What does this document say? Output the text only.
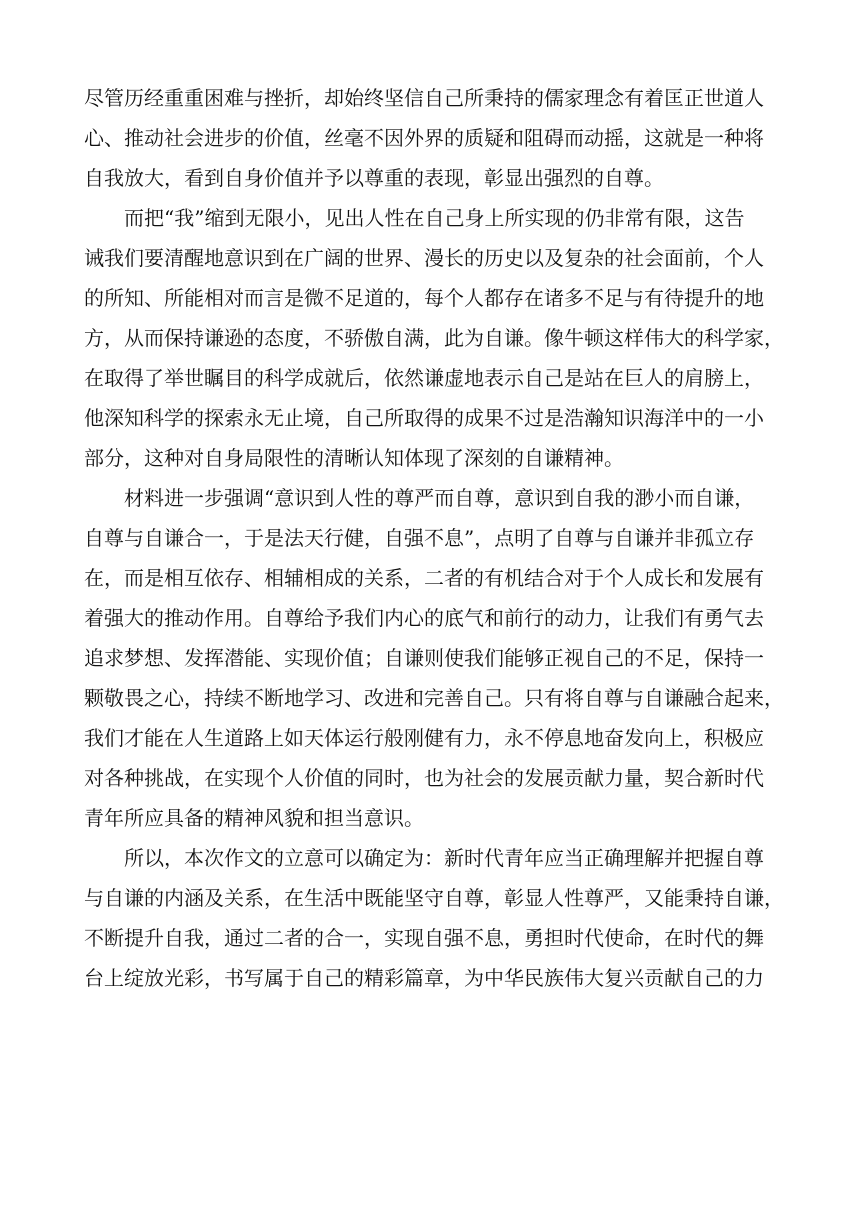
尽管历经重重困难与挫折，却始终坚信自己所秉持的儒家理念有着匡正世道人
心、推动社会进步的价值，丝毫不因外界的质疑和阻碍而动摇，这就是一种将
自我放大，看到自身价值并予以尊重的表现，彰显出强烈的自尊。
而把“我”缩到无限小，见出人性在自己身上所实现的仍非常有限，这告
诫我们要清醒地意识到在广阔的世界、漫长的历史以及复杂的社会面前，个人
的所知、所能相对而言是微不足道的，每个人都存在诸多不足与有待提升的地
方，从而保持谦逊的态度，不骄傲自满，此为自谦。像牛顿这样伟大的科学家，
在取得了举世瞩目的科学成就后，依然谦虚地表示自己是站在巨人的肩膀上，
他深知科学的探索永无止境，自己所取得的成果不过是浩瀚知识海洋中的一小
部分，这种对自身局限性的清晰认知体现了深刻的自谦精神。
材料进一步强调“意识到人性的尊严而自尊，意识到自我的渺小而自谦，
自尊与自谦合一，于是法天行健，自强不息”，点明了自尊与自谦并非孤立存
在，而是相互依存、相辅相成的关系，二者的有机结合对于个人成长和发展有
着强大的推动作用。自尊给予我们内心的底气和前行的动力，让我们有勇气去
追求梦想、发挥潜能、实现价值；自谦则使我们能够正视自己的不足，保持一
颗敬畏之心，持续不断地学习、改进和完善自己。只有将自尊与自谦融合起来，
我们才能在人生道路上如天体运行般刚健有力，永不停息地奋发向上，积极应
对各种挑战，在实现个人价值的同时，也为社会的发展贡献力量，契合新时代
青年所应具备的精神风貌和担当意识。
所以，本次作文的立意可以确定为：新时代青年应当正确理解并把握自尊
与自谦的内涵及关系，在生活中既能坚守自尊，彰显人性尊严，又能秉持自谦，
不断提升自我，通过二者的合一，实现自强不息，勇担时代使命，在时代的舞
台上绽放光彩，书写属于自己的精彩篇章，为中华民族伟大复兴贡献自己的力
